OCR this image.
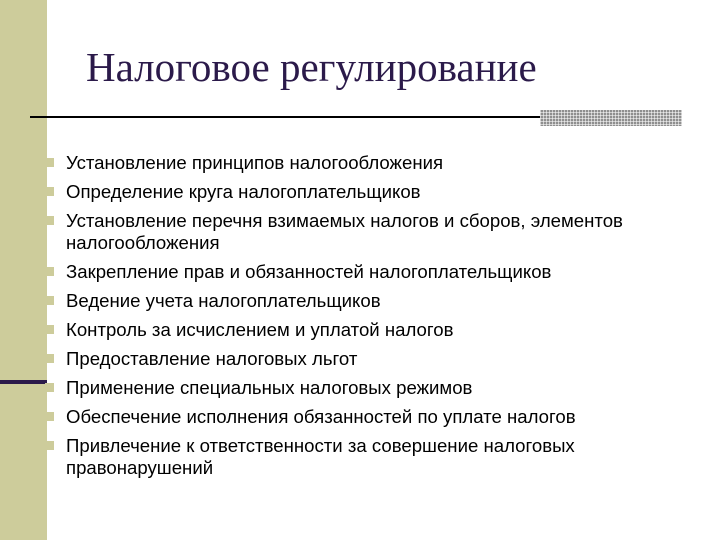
Налоговое регулирование
Установление принципов налогообложения
Определение круга налогоплательщиков
Установление перечня взимаемых налогов и сборов, элементов налогообложения
Закрепление прав и обязанностей налогоплательщиков
Ведение учета налогоплательщиков
Контроль за исчислением и уплатой налогов
Предоставление налоговых льгот
Применение специальных налоговых режимов
Обеспечение исполнения обязанностей по уплате налогов
Привлечение к ответственности за совершение налоговых правонарушений
